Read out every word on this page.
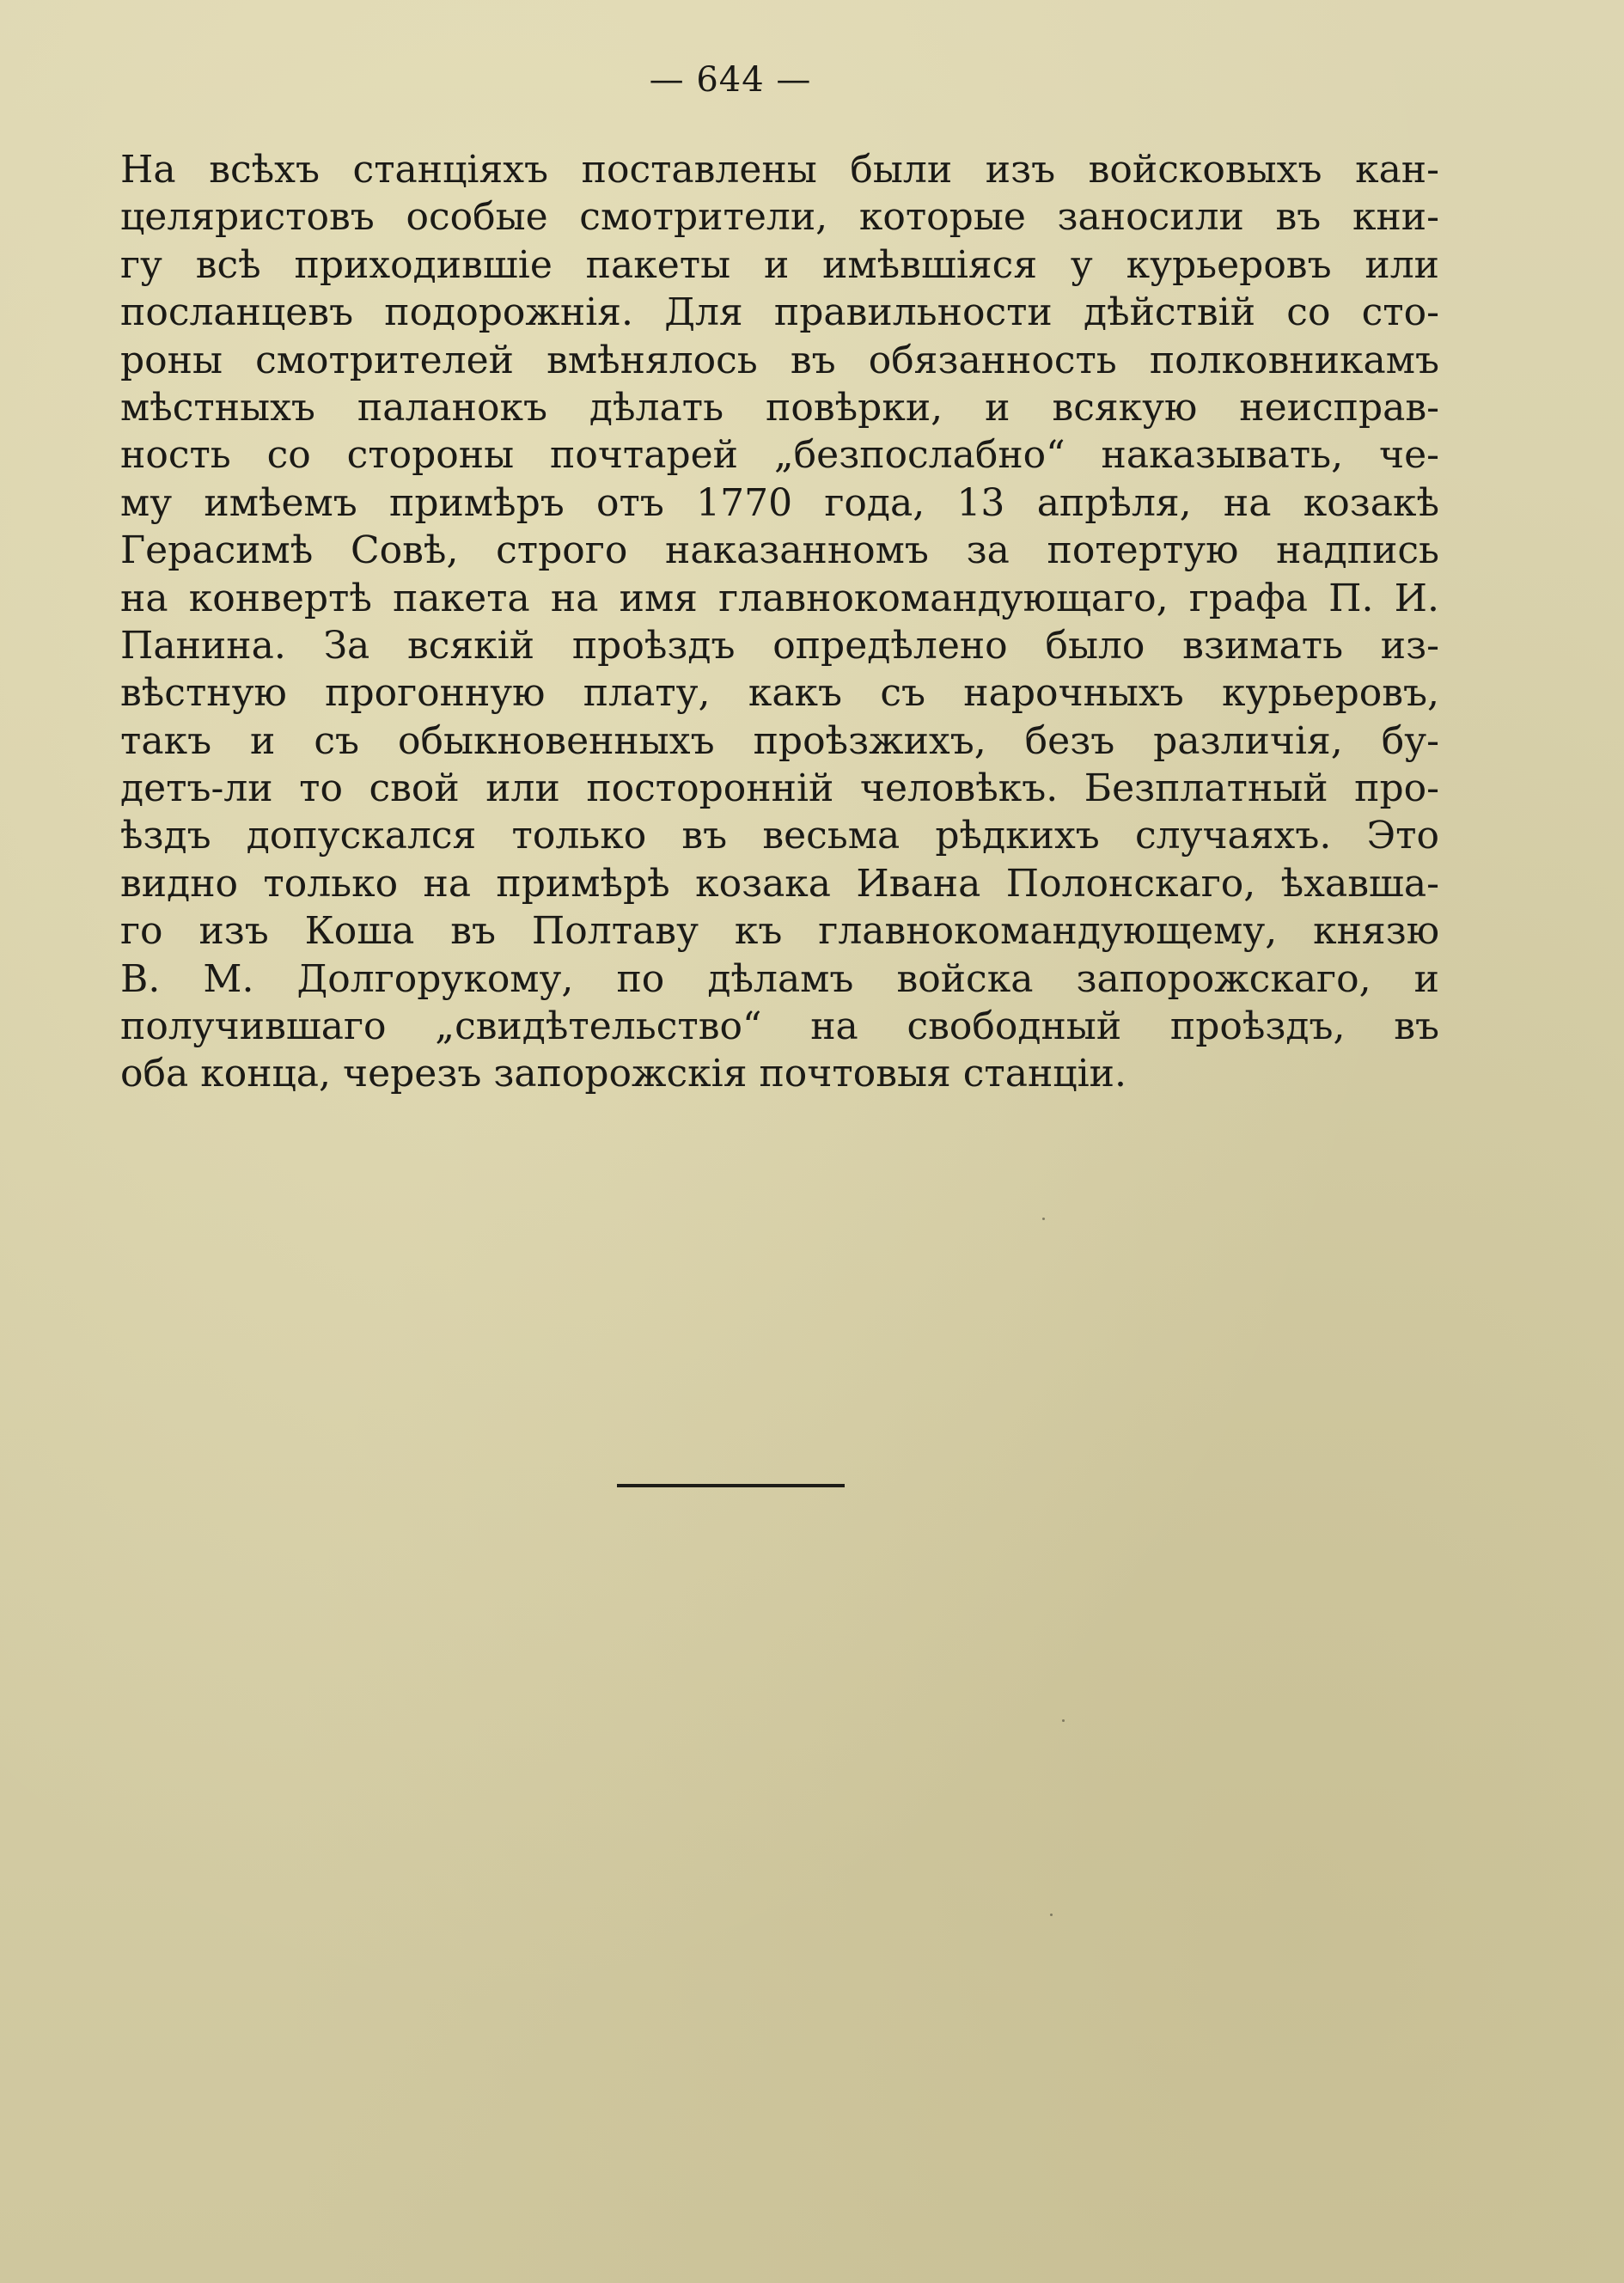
— 644 —
На всѣхъ станціяхъ поставлены были изъ войсковыхъ кан-
целяристовъ особые смотрители, которые заносили въ кни-
гу всѣ приходившіе пакеты и имѣвшіяся у курьеровъ или
посланцевъ подорожнія. Для правильности дѣйствій со сто-
роны смотрителей вмѣнялось въ обязанность полковникамъ
мѣстныхъ паланокъ дѣлать повѣрки, и всякую неисправ-
ность со стороны почтарей „безпослабно“ наказывать, че-
му имѣемъ примѣръ отъ 1770 года, 13 апрѣля, на козакѣ
Герасимѣ Совѣ, строго наказанномъ за потертую надпись
на конвертѣ пакета на имя главнокомандующаго, графа П. И.
Панина. За всякій проѣздъ опредѣлено было взимать из-
вѣстную прогонную плату, какъ съ нарочныхъ курьеровъ,
такъ и съ обыкновенныхъ проѣзжихъ, безъ различія, бу-
детъ-ли то свой или посторонній человѣкъ. Безплатный про-
ѣздъ допускался только въ весьма рѣдкихъ случаяхъ. Это
видно только на примѣрѣ козака Ивана Полонскаго, ѣхавша-
го изъ Коша въ Полтаву къ главнокомандующему, князю
В. М. Долгорукому, по дѣламъ войска запорожскаго, и
получившаго „свидѣтельство“ на свободный проѣздъ, въ
оба конца, черезъ запорожскія почтовыя станціи.
